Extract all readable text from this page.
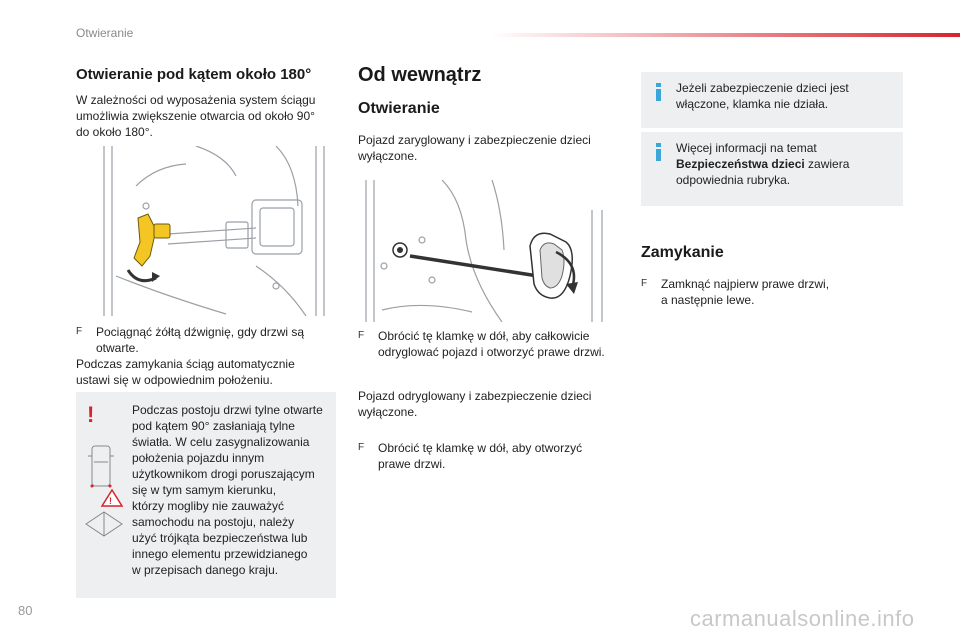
Otwieranie
Otwieranie pod kątem około 180°

W zależności od wyposażenia system ściągu

umożliwia zwiększenie otwarcia od około 90°

do około 180°.

F	Pociągnąć żółtą dźwignię, gdy drzwi są
otwarte.

Podczas zamykania ściąg automatycznie

ustawi się w odpowiednim położeniu.

!
!

Podczas postoju drzwi tylne otwarte

pod kątem 90° zasłaniają tylne

światła. W celu zasygnalizowania

położenia pojazdu innym

użytkownikom drogi poruszającym

się w tym samym kierunku,

którzy mogliby nie zauważyć

samochodu na postoju, należy

użyć trójkąta bezpieczeństwa lub

innego elementu przewidzianego

w przepisach danego kraju.

Od wewnątrz
Otwieranie

Pojazd zaryglowany i zabezpieczenie dzieci

wyłączone.

F	Obrócić tę klamkę w dół, aby całkowicie
odryglować pojazd i otworzyć prawe drzwi.

Pojazd odryglowany i zabezpieczenie dzieci

wyłączone.

F	Obrócić tę klamkę w dół, aby otworzyć
prawe drzwi.
Jeżeli zabezpieczenie dzieci jest
włączone, klamka nie działa.
Więcej informacji na temat
Bezpieczeństwa dzieci zawiera
odpowiednia rubryka.
Zamykanie
F	Zamknąć najpierw prawe drzwi,
a następnie lewe.
80	carmanualsonline.info
